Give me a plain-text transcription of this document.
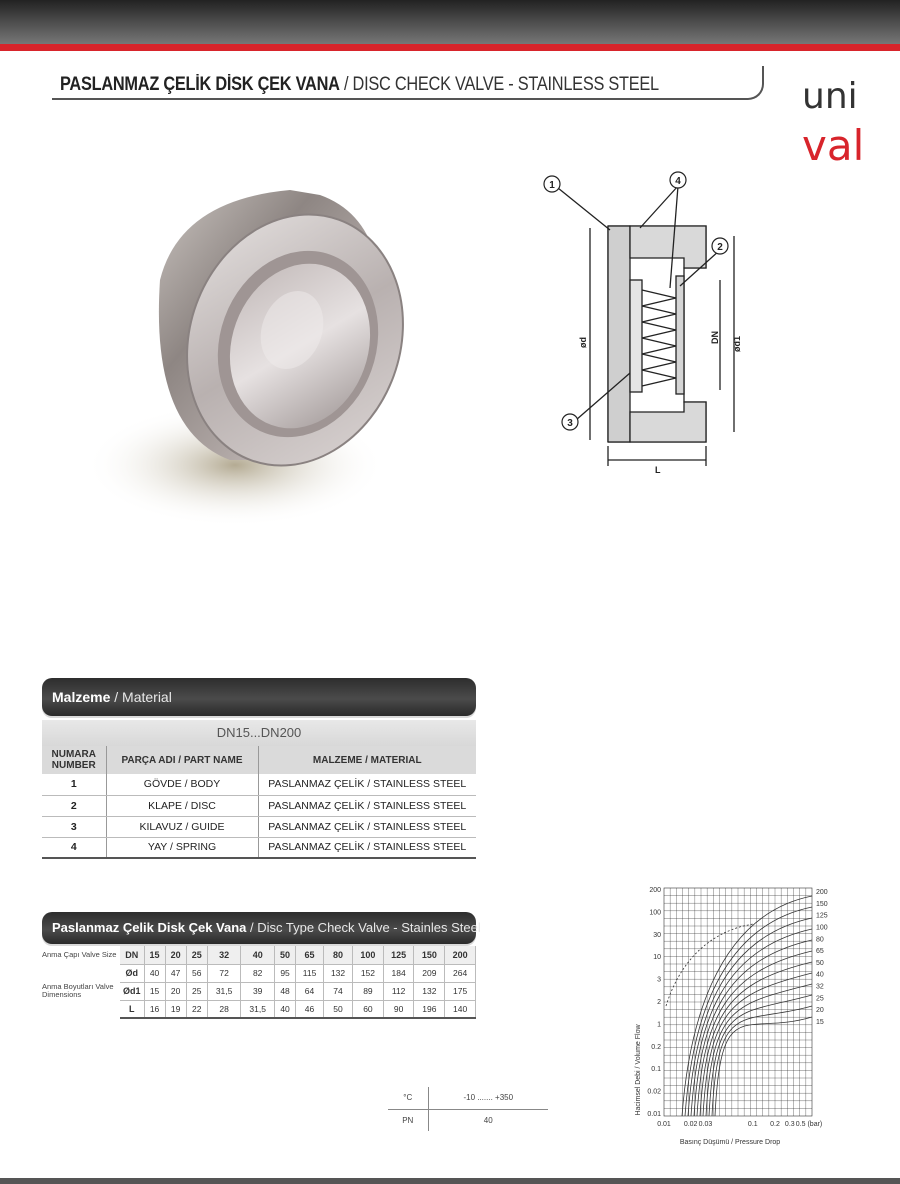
PASLANMAZ ÇELİK DİSK ÇEK VANA / DISC CHECK VALVE - STAINLESS STEEL	uni
val
1
2
3
4
ød	DN ød1
L
Malzeme / Material
DN15...DN200
NUMARA NUMBER	PARÇA ADI / PART NAME	MALZEME / MATERIAL
1	GÖVDE / BODY	PASLANMAZ ÇELİK / STAINLESS STEEL
2	KLAPE / DISC	PASLANMAZ ÇELİK / STAINLESS STEEL
3	KILAVUZ / GUIDE	PASLANMAZ ÇELİK / STAINLESS STEEL
4	YAY / SPRING	PASLANMAZ ÇELİK / STAINLESS STEEL
Paslanmaz Çelik Disk Çek Vana / Disc Type Check Valve - Stainles Steel
Anma Çapı Valve Size	DN	15	20	25	32	40	50	65	80	100	125	150	200
Anma Boyutları Valve Dimensions	Ød	40	47	56	72	82	95	115	132	152	184	209	264
	Ød1	15	20	25	31,5	39	48	64	74	89	112	132	175
	L	16	19	22	28	31,5	40	46	50	60	90	196	140
°C	-10 ....... +350
PN	40
200
100
30
10
3
2
1
0.2
0.1
0.02
0.01
200
150
125
100
80
65
50
40
32
25
20
15
0.01 0.02 0.03	0.1 0.2 0.3 0.5 (bar)
Hacimsel Debi / Volume Flow
Basınç Düşümü / Pressure Drop
